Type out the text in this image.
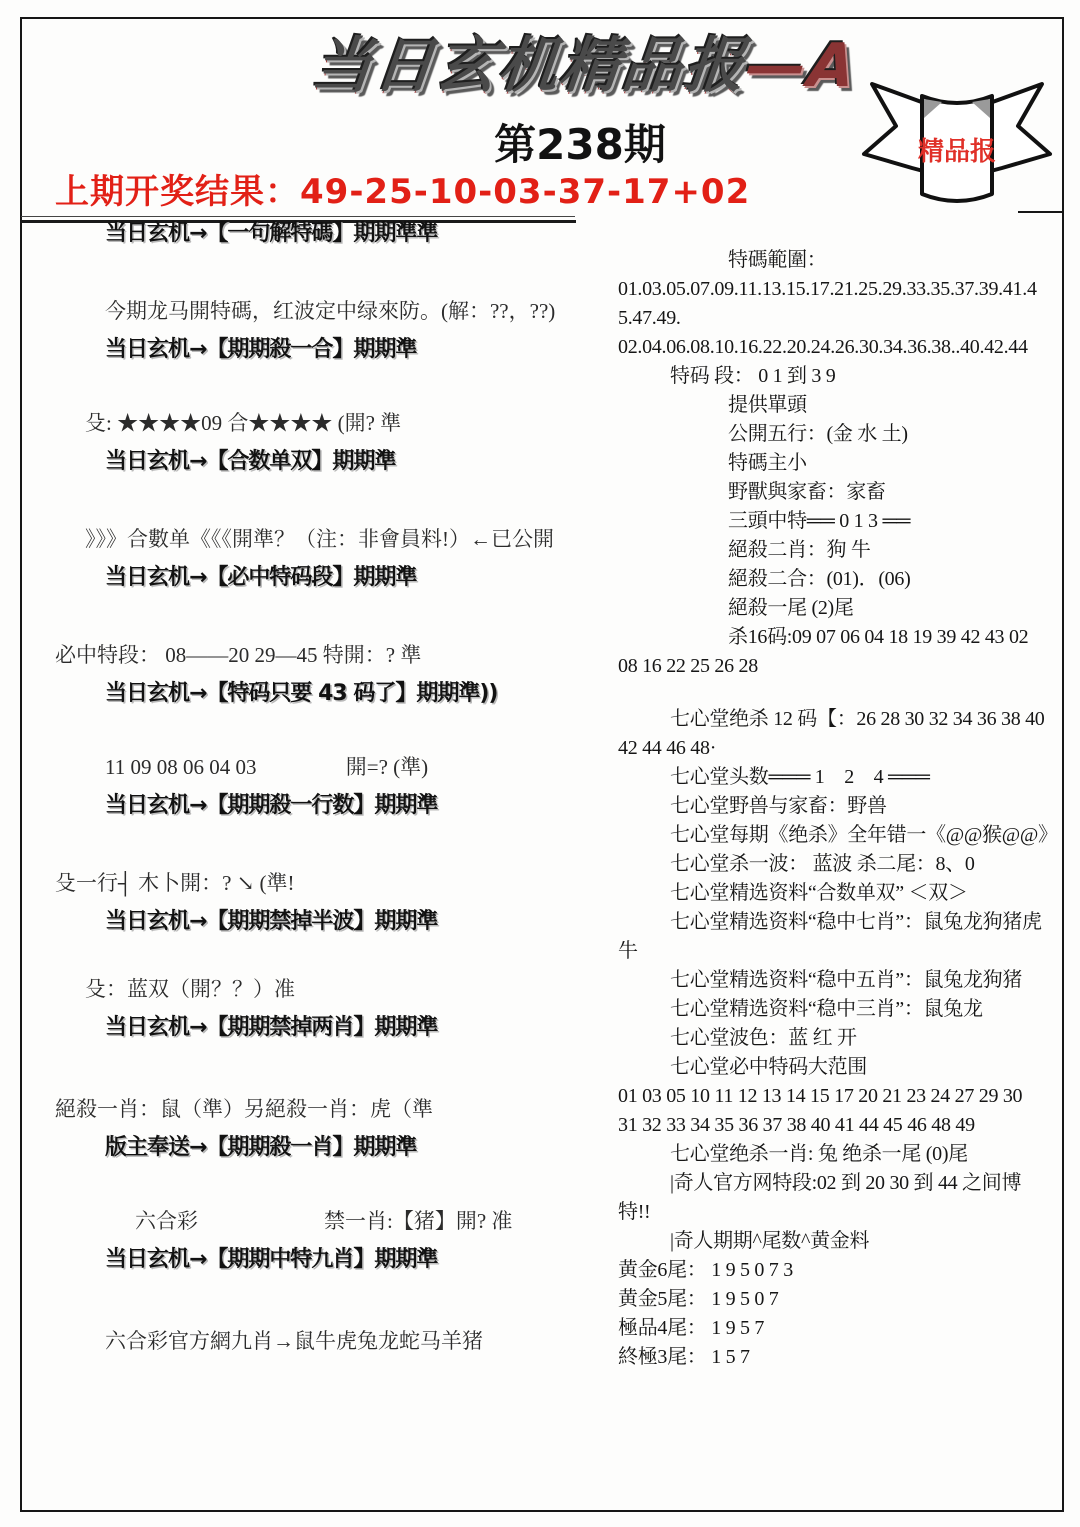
当日玄机精品报—A
第238期
上期开奖结果：49-25-10-03-37-17+02
精品报
当日玄机→【一句解特碼】期期準準
今期龙马開特碼，红波定中绿來防。(解：??，??)
当日玄机→【期期殺一合】期期準
殳: ★★★★09 合★★★★ (開? 準
当日玄机→【合数单双】期期準
》》》合數单《《《開準？（注：非會員料!）←已公開
当日玄机→【必中特码段】期期準
必中特段： 08——20 29—45 特開：? 準
当日玄机→【特码只要 43 码了】期期準))
11 09 08 06 04 03　　　　 開=? (準)
当日玄机→【期期殺一行数】期期準
殳一行┤ 木卜開：? ↘ (準!
当日玄机→【期期禁掉半波】期期準
殳：蓝双（開？？）准
当日玄机→【期期禁掉两肖】期期準
絕殺一肖：鼠（準）另絕殺一肖：虎（準
版主奉送→【期期殺一肖】期期準
六合彩　　　　　　禁一肖:【猪】開? 准
当日玄机→【期期中特九肖】期期準
六合彩官方網九肖→鼠牛虎兔龙蛇马羊猪
特碼範圍：
01.03.05.07.09.11.13.15.17.21.25.29.33.35.37.39.41.4
5.47.49.
02.04.06.08.10.16.22.20.24.26.30.34.36.38..40.42.44
特码 段： 0 1 到 3 9
提供單頭
公開五行：(金 水 土)
特碼主小
野獸與家畜：家畜
三頭中特══ 0 1 3 ══
絕殺二肖：狗 牛
絕殺二合：(01)．(06)
絕殺一尾 (2)尾
杀16码:09 07 06 04 18 19 39 42 43 02
08 16 22 25 26 28
七心堂绝杀 12 码【：26 28 30 32 34 36 38 40
42 44 46 48·
七心堂头数═══ 1　2　4 ═══
七心堂野兽与家畜：野兽
七心堂每期《绝杀》全年错一《@@猴@@》
七心堂杀一波： 蓝波 杀二尾：8、0
七心堂精选资料“合数单双” ＜双＞
七心堂精选资料“稳中七肖”：鼠兔龙狗猪虎
牛
七心堂精选资料“稳中五肖”：鼠兔龙狗猪
七心堂精选资料“稳中三肖”：鼠兔龙
七心堂波色：蓝 红 开
七心堂必中特码大范围
01 03 05 10 11 12 13 14 15 17 20 21 23 24 27 29 30
31 32 33 34 35 36 37 38 40 41 44 45 46 48 49
七心堂绝杀一肖: 兔 绝杀一尾 (0)尾
|奇人官方网特段:02 到 20 30 到 44 之间博
特!!
|奇人期期^尾数^黄金料
黄金6尾： 1 9 5 0 7 3
黄金5尾： 1 9 5 0 7
極品4尾： 1 9 5 7
終極3尾： 1 5 7
